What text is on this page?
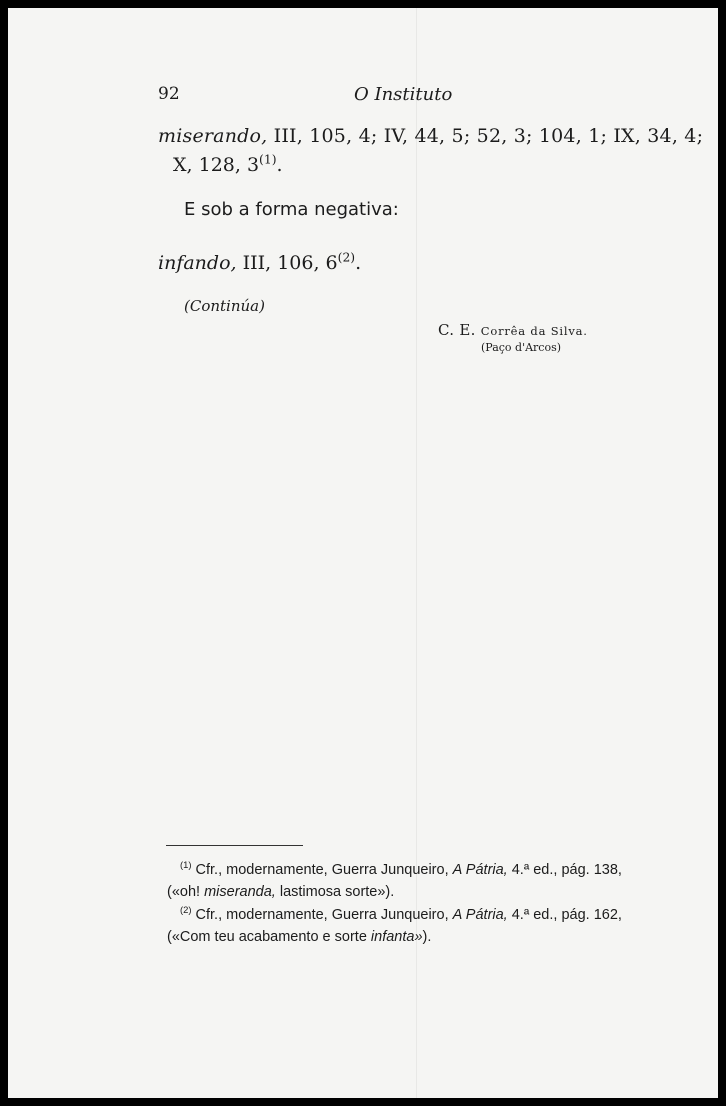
92	O Instituto
miserando, III, 105, 4; IV, 44, 5; 52, 3; 104, 1; IX, 34, 4;
X, 128, 3$^{(1)}$.
E sob a forma negativa:
infando, III, 106, 6$^{(2)}$.
(Continúa)
C. E. Corrêa da Silva.
(Paço d'Arcos)
$^{(1)}$ Cfr., modernamente, Guerra Junqueiro, A Pátria, 4.ª ed., pág. 138,
(«oh! miseranda, lastimosa sorte»).
$^{(2)}$ Cfr., modernamente, Guerra Junqueiro, A Pátria, 4.ª ed., pág. 162,
(«Com teu acabamento e sorte infanta»).
